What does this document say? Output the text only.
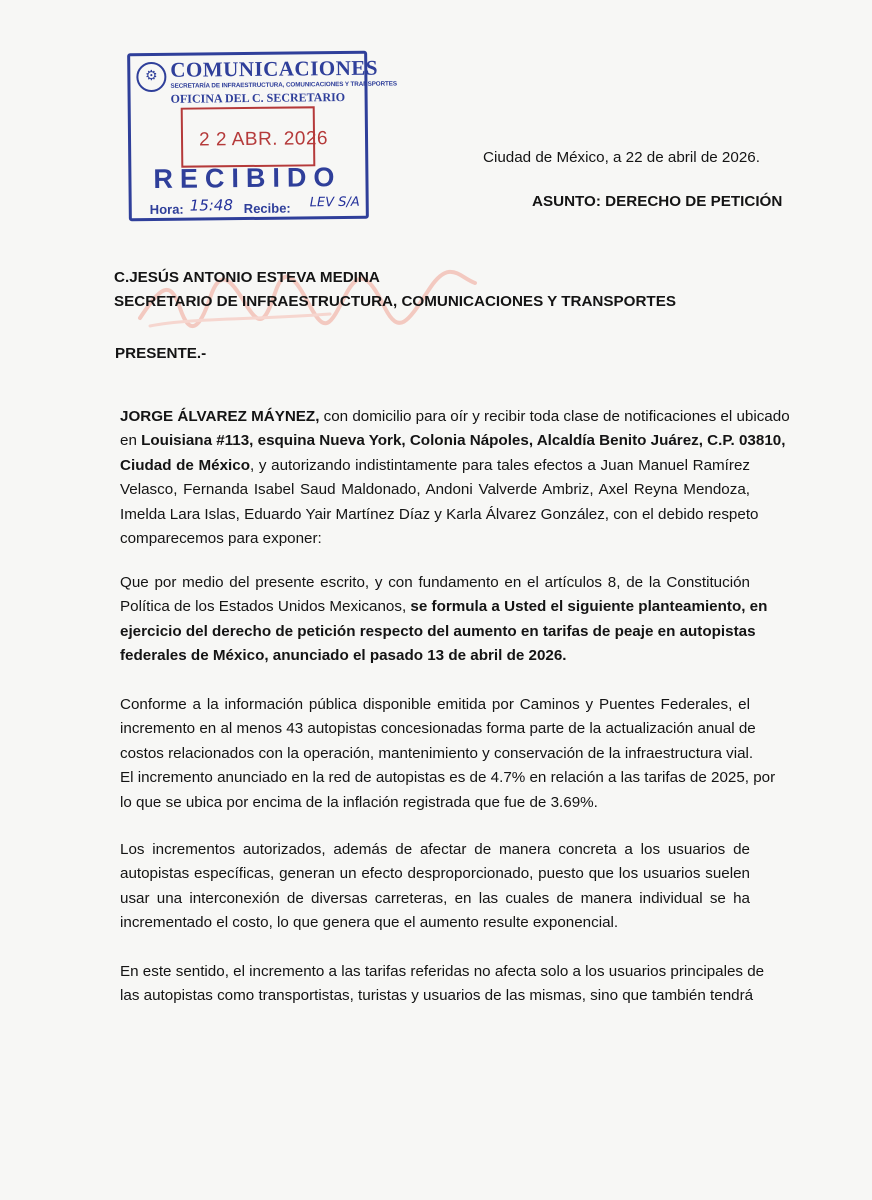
⚙ COMUNICACIONES
SECRETARÍA DE INFRAESTRUCTURA, COMUNICACIONES Y TRANSPORTES
OFICINA DEL C. SECRETARIO
2 2 ABR. 2026
RECIBIDO
Hora: 15:48 Recibe: LEV S/A
Ciudad de México, a 22 de abril de 2026.
ASUNTO: DERECHO DE PETICIÓN
C.JESÚS ANTONIO ESTEVA MEDINA
SECRETARIO DE INFRAESTRUCTURA, COMUNICACIONES Y TRANSPORTES
PRESENTE.-
JORGE ÁLVAREZ MÁYNEZ, con domicilio para oír y recibir toda clase de notificaciones el ubicado
en Louisiana #113, esquina Nueva York, Colonia Nápoles, Alcaldía Benito Juárez, C.P. 03810,
Ciudad de México, y autorizando indistintamente para tales efectos a Juan Manuel Ramírez
Velasco, Fernanda Isabel Saud Maldonado, Andoni Valverde Ambriz, Axel Reyna Mendoza,
Imelda Lara Islas, Eduardo Yair Martínez Díaz y Karla Álvarez González, con el debido respeto
comparecemos para exponer:
Que por medio del presente escrito, y con fundamento en el artículos 8, de la Constitución
Política de los Estados Unidos Mexicanos, se formula a Usted el siguiente planteamiento, en
ejercicio del derecho de petición respecto del aumento en tarifas de peaje en autopistas
federales de México, anunciado el pasado 13 de abril de 2026.
Conforme a la información pública disponible emitida por Caminos y Puentes Federales, el
incremento en al menos 43 autopistas concesionadas forma parte de la actualización anual de
costos relacionados con la operación, mantenimiento y conservación de la infraestructura vial.
El incremento anunciado en la red de autopistas es de 4.7% en relación a las tarifas de 2025, por
lo que se ubica por encima de la inflación registrada que fue de 3.69%.
Los incrementos autorizados, además de afectar de manera concreta a los usuarios de
autopistas específicas, generan un efecto desproporcionado, puesto que los usuarios suelen
usar una interconexión de diversas carreteras, en las cuales de manera individual se ha
incrementado el costo, lo que genera que el aumento resulte exponencial.
En este sentido, el incremento a las tarifas referidas no afecta solo a los usuarios principales de
las autopistas como transportistas, turistas y usuarios de las mismas, sino que también tendrá
